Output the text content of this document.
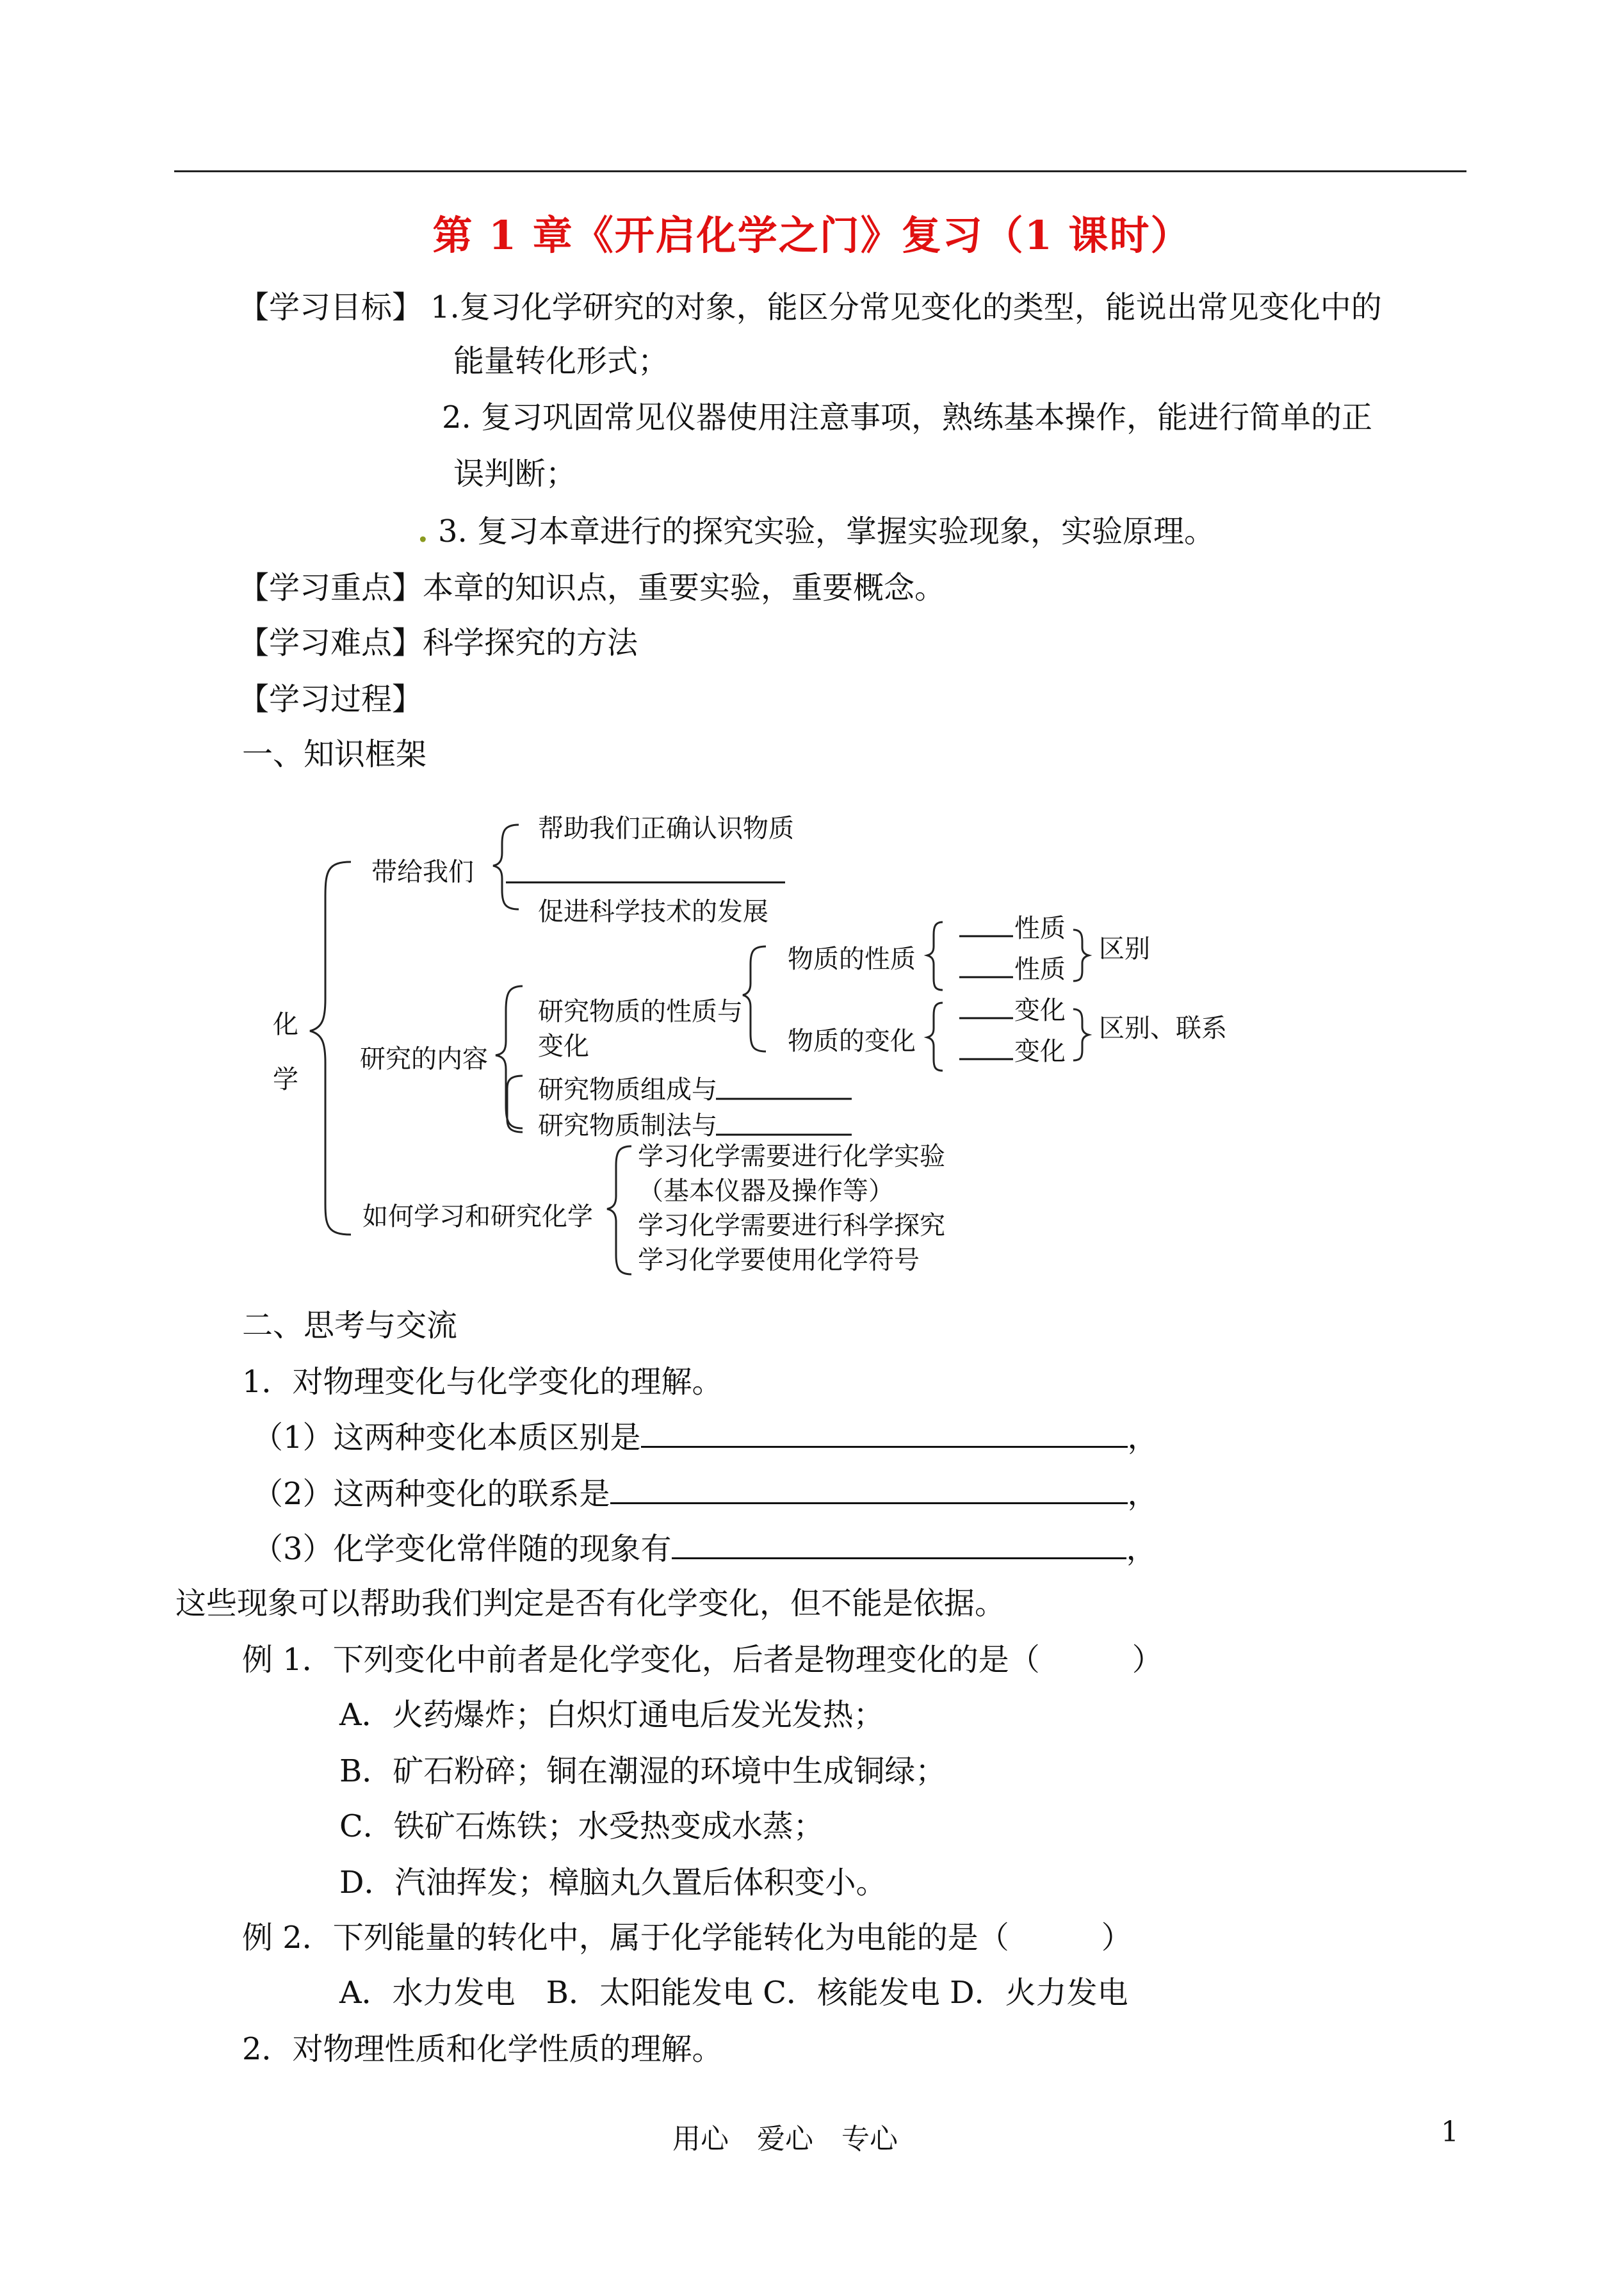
第 1 章《开启化学之门》复习（1 课时）
【学习目标】 1.复习化学研究的对象，能区分常见变化的类型，能说出常见变化中的
能量转化形式；
2. 复习巩固常见仪器使用注意事项，熟练基本操作，能进行简单的正
误判断；
. 3. 复习本章进行的探究实验，掌握实验现象，实验原理。
【学习重点】本章的知识点，重要实验，重要概念。
【学习难点】科学探究的方法
【学习过程】
一、知识框架
化
学
带给我们
帮助我们正确认识物质
促进科学技术的发展
研究的内容
研究物质的性质与
变化
物质的性质
性质
性质
区别
物质的变化
变化
变化
区别、联系
研究物质组成与
研究物质制法与
如何学习和研究化学
学习化学需要进行化学实验
（基本仪器及操作等）
学习化学需要进行科学探究
学习化学要使用化学符号
二、思考与交流
1．对物理变化与化学变化的理解。
（1）这两种变化本质区别是	，
（2）这两种变化的联系是	，
（3）化学变化常伴随的现象有	，
这些现象可以帮助我们判定是否有化学变化，但不能是依据。
例 1．下列变化中前者是化学变化，后者是物理变化的是（　　　）
A．火药爆炸；白炽灯通电后发光发热；
B．矿石粉碎；铜在潮湿的环境中生成铜绿；
C．铁矿石炼铁；水受热变成水蒸；
D．汽油挥发；樟脑丸久置后体积变小。
例 2．下列能量的转化中，属于化学能转化为电能的是（　　　）
A．水力发电　B．太阳能发电 C．核能发电 D．火力发电
2．对物理性质和化学性质的理解。
用心　爱心　专心	1
